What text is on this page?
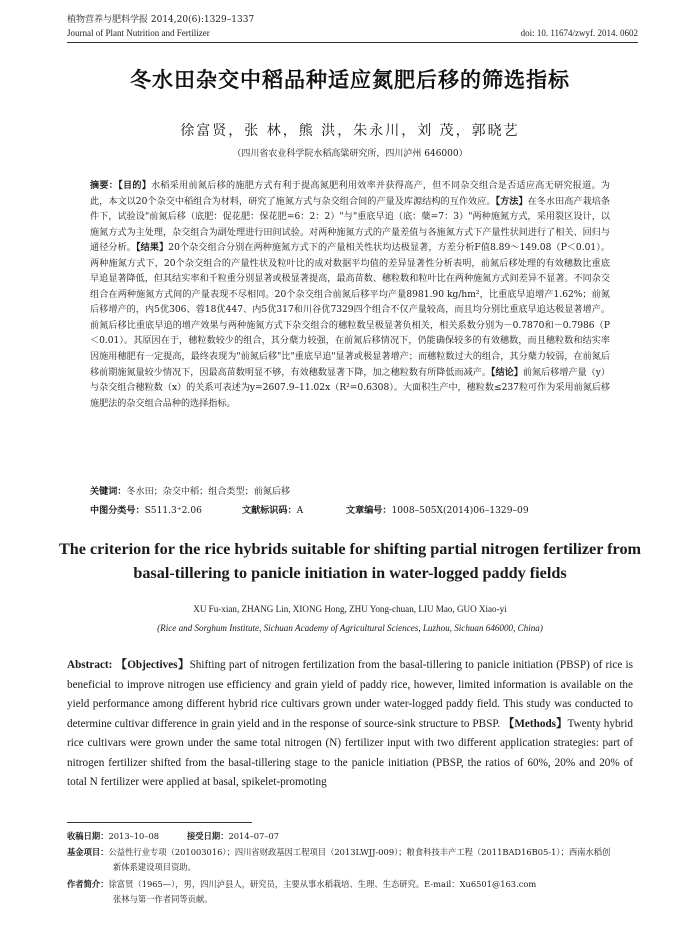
植物营养与肥料学报 2014,20(6):1329–1337
Journal of Plant Nutrition and Fertilizer	doi: 10. 11674/zwyf. 2014. 0602
冬水田杂交中稻品种适应氮肥后移的筛选指标
徐富贤，张 林，熊 洪，朱永川，刘 茂，郭晓艺
（四川省农业科学院水稻高粱研究所，四川泸州 646000）

摘要：【目的】水稻采用前氮后移的施肥方式有利于提高氮肥利用效率并获得高产，但不同杂交组合是否适应高无研究报道。为此，本文以20个杂交中稻组合为材料，研究了施氮方式与杂交组合间的产量及库源结构的互作效应。【方法】在冬水田高产栽培条件下，试验设"前氮后移（底肥：促花肥：保花肥=6：2：2）"与"重底早追（底：蘖=7：3）"两种施氮方式，采用裂区设计，以施氮方式为主处理，杂交组合为副处理进行田间试验。对两种施氮方式的产量差值与各施氮方式下产量性状间进行了相关、回归与通径分析。【结果】20个杂交组合分别在两种施氮方式下的产量相关性状均达极显著，方差分析F值8.89～149.08（P＜0.01）。两种施氮方式下，20个杂交组合的产量性状及粒叶比的成对数据平均值的差异显著性分析表明，前氮后移处理的有效穗数比重底早追显著降低，但其结实率和千粒重分别显著或极显著提高，最高苗数、穗粒数和粒叶比在两种施氮方式间差异不显著。不同杂交组合在两种施氮方式间的产量表现不尽相同。20个杂交组合前氮后移平均产量8981.90 kg/hm²，比重底早追增产1.62%；前氮后移增产的，内5优306、蓉18优447、内5优317和川谷优7329四个组合不仅产量较高，而且均分别比重底早追达极显著增产。前氮后移比重底早追的增产效果与两种施氮方式下杂交组合的穗粒数呈极显著负相关，相关系数分别为－0.7870和－0.7986（P＜0.01）。其原因在于，穗粒数较少的组合，其分蘖力较强，在前氮后移情况下，仍能确保较多的有效穗数，而且穗粒数和结实率因施用穗肥有一定提高，最终表现为"前氮后移"比"重底早追"显著或极显著增产；而穗粒数过大的组合，其分蘖力较弱，在前氮后移前期施氮量较少情况下，因最高苗数明显不够，有效穗数显著下降，加之穗粒数有所降低而减产。【结论】前氮后移增产量（y）与杂交组合穗粒数（x）的关系可表述为y=2607.9–11.02x（R²=0.6308）。大面积生产中，穗粒数≤237粒可作为采用前氮后移施肥法的杂交组合品种的选择指标。

关键词：冬水田；杂交中稻；组合类型；前氮后移
中图分类号：S511.3⁺2.06	文献标识码：A	文章编号：1008–505X(2014)06–1329–09
The criterion for the rice hybrids suitable for shifting partial nitrogen fertilizer from basal-tillering to panicle initiation in water-logged paddy fields
XU Fu-xian, ZHANG Lin, XIONG Hong, ZHU Yong-chuan, LIU Mao, GUO Xiao-yi
(Rice and Sorghum Institute, Sichuan Academy of Agricultural Sciences, Luzhou, Sichuan 646000, China)

Abstract: 【Objectives】Shifting part of nitrogen fertilization from the basal-tillering to panicle initiation (PBSP) of rice is beneficial to improve nitrogen use efficiency and grain yield of paddy rice, however, limited information is available on the yield performance among different hybrid rice cultivars grown under water-logged paddy field. This study was conducted to determine cultivar difference in grain yield and in the response of source-sink structure to PBSP. 【Methods】Twenty hybrid rice cultivars were grown under the same total nitrogen (N) fertilizer input with two different application strategies: part of nitrogen fertilizer shifted from the basal-tillering stage to the panicle initiation (PBSP, the ratios of 60%, 20% and 20% of total N fertilizer were applied at basal, spikelet-promoting

收稿日期：2013–10–08	接受日期：2014–07–07
基金项目：公益性行业专项（201003016）；四川省财政基因工程项目（2013LWJJ-009）；粮食科技丰产工程（2011BAD16B05-1）；西南水稻创
新体系建设项目资助。
作者简介：徐富贤（1965—），男，四川泸县人，研究员，主要从事水稻栽培、生理、生态研究。E-mail：Xu6501@163.com
张林与第一作者同等贡献。
